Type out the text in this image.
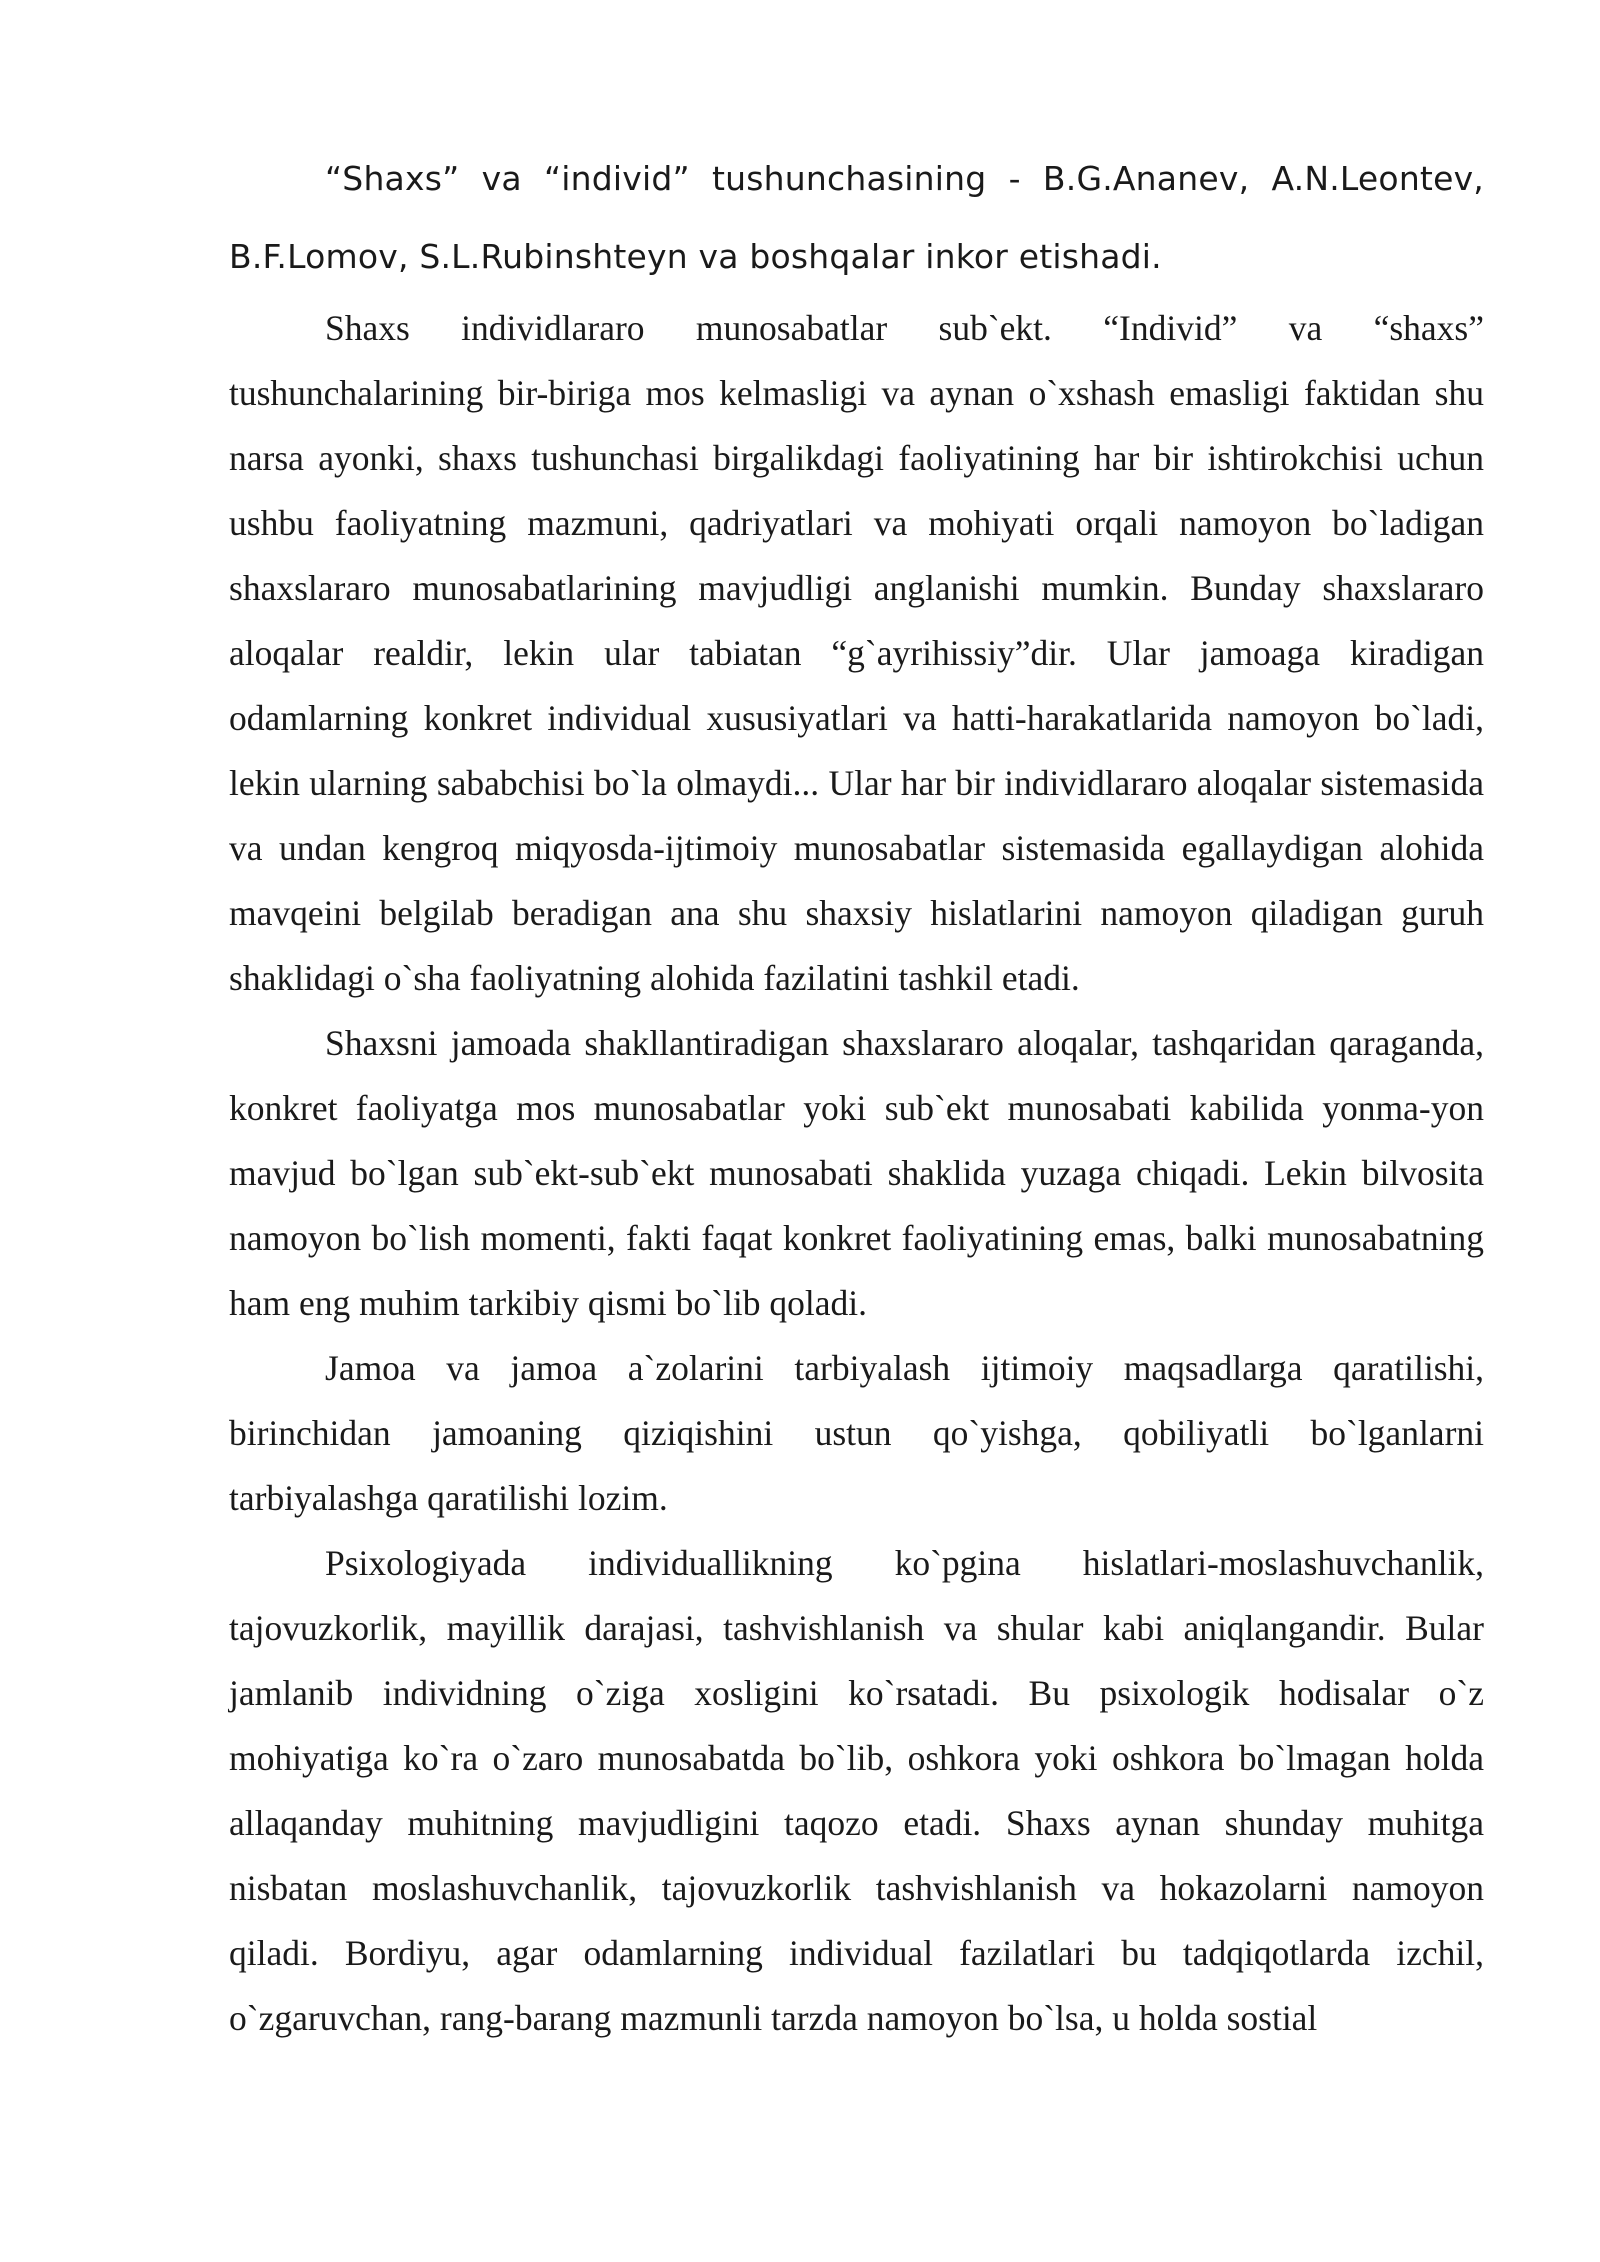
“Shaxs” va “individ” tushunchasining - B.G.Ananev, A.N.Leontev, B.F.Lomov, S.L.Rubinshteyn va boshqalar inkor etishadi.

Shaxs individlararo munosabatlar sub`ekt. “Individ” va “shaxs” tushunchalarining bir-biriga mos kelmasligi va aynan o`xshash emasligi faktidan shu narsa ayonki, shaxs tushunchasi birgalikdagi faoliyatining har bir ishtirokchisi uchun ushbu faoliyatning mazmuni, qadriyatlari va mohiyati orqali namoyon bo`ladigan shaxslararo munosabatlarining mavjudligi anglanishi mumkin. Bunday shaxslararo aloqalar realdir, lekin ular tabiatan “g`ayrihissiy”dir. Ular jamoaga kiradigan odamlarning konkret individual xususiyatlari va hatti-harakatlarida namoyon bo`ladi, lekin ularning sababchisi bo`la olmaydi... Ular har bir individlararo aloqalar sistemasida va undan kengroq miqyosda-ijtimoiy munosabatlar sistemasida egallaydigan alohida mavqeini belgilab beradigan ana shu shaxsiy hislatlarini namoyon qiladigan guruh shaklidagi o`sha faoliyatning alohida fazilatini tashkil etadi.

Shaxsni jamoada shakllantiradigan shaxslararo aloqalar, tashqaridan qaraganda, konkret faoliyatga mos munosabatlar yoki sub`ekt munosabati kabilida yonma-yon mavjud bo`lgan sub`ekt-sub`ekt munosabati shaklida yuzaga chiqadi. Lekin bilvosita namoyon bo`lish momenti, fakti faqat konkret faoliyatining emas, balki munosabatning ham eng muhim tarkibiy qismi bo`lib qoladi.

Jamoa va jamoa a`zolarini tarbiyalash ijtimoiy maqsadlarga qaratilishi, birinchidan jamoaning qiziqishini ustun qo`yishga, qobiliyatli bo`lganlarni tarbiyalashga qaratilishi lozim.

Psixologiyada individuallikning ko`pgina hislatlari-moslashuvchanlik, tajovuzkorlik, mayillik darajasi, tashvishlanish va shular kabi aniqlangandir. Bular jamlanib individning o`ziga xosligini ko`rsatadi. Bu psixologik hodisalar o`z mohiyatiga ko`ra o`zaro munosabatda bo`lib, oshkora yoki oshkora bo`lmagan holda allaqanday muhitning mavjudligini taqozo etadi. Shaxs aynan shunday muhitga nisbatan moslashuvchanlik, tajovuzkorlik tashvishlanish va hokazolarni namoyon qiladi. Bordiyu, agar odamlarning individual fazilatlari bu tadqiqotlarda izchil, o`zgaruvchan, rang-barang mazmunli tarzda namoyon bo`lsa, u holda sostial
